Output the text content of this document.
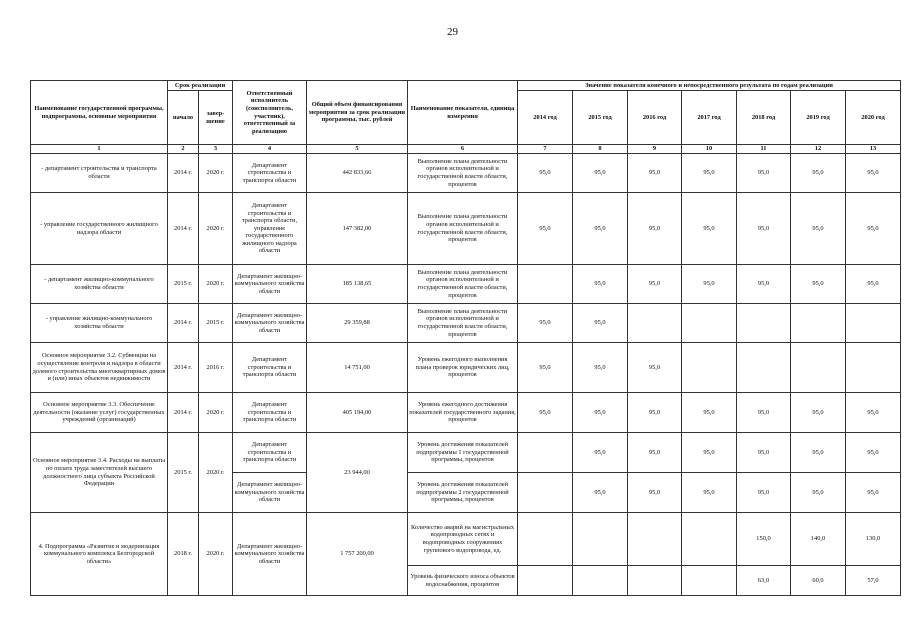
29
Наименование государственной программы, подпрограммы, основные мероприятия	Срок реализации		Ответственный исполнитель (соисполнитель, участник), ответственный за реализацию	Общий объем финансирования мероприятия за срок реализации программы, тыс. рублей	Наименование показателя, единица измерения	Значение показателя конечного и непосредственного результата по годам реализации						
	начало	завер-шение				2014 год	2015 год	2016 год	2017 год	2018 год	2019 год	2020 год
1	2	3	4	5	6	7	8	9	10	11	12	13
- департамент строительства и транспорта области	2014 г.	2020 г.	Департамент строительства и транспорта области	442 833,66	Выполнение плана деятельности органов исполнительной и государственной власти области, процентов	95,0	95,0	95,0	95,0	95,0	95,0	95,0
- управление государственного жилищного надзора области	2014 г.	2020 г.	Департамент строительства и транспорта области, управление государственного жилищного надзора области	147 382,00	Выполнение плана деятельности органов исполнительной и государственной власти области, процентов	95,0	95,0	95,0	95,0	95,0	95,0	95,0
- департамент жилищно-коммунального хозяйства области	2015 г.	2020 г.	Департамент жилищно-коммунального хозяйства области	185 138,65	Выполнение плана деятельности органов исполнительной и государственной власти области, процентов		95,0	95,0	95,0	95,0	95,0	95,0
- управление жилищно-коммунального хозяйства области	2014 г.	2015 г.	Департамент жилищно-коммунального хозяйства области	29 359,88	Выполнение плана деятельности органов исполнительной и государственной власти области, процентов	95,0	95,0					
Основное мероприятие 3.2. Субвенции на осуществление контроля и надзора в области долевого строительства многоквартирных домов и (или) иных объектов недвижимости	2014 г.	2016 г.	Департамент строительства и транспорта области	14 751,00	Уровень ежегодного выполнения плана проверок юридических лиц, процентов	95,0	95,0	95,0				
Основное мероприятие 3.3. Обеспечение деятельности (оказание услуг) государственных учреждений (организаций)	2014 г.	2020 г.	Департамент строительства и транспорта области	405 194,00	Уровень ежегодного достижения показателей государственного задания, процентов	95,0	95,0	95,0	95,0	95,0	95,0	95,0
Основное мероприятие 3.4. Расходы на выплаты по оплате труда заместителей высшего должностного лица субъекта Российской Федерации	2015 г.	2020 г.	Департамент строительства и транспорта области	23 944,00	Уровень достижения показателей подпрограммы 1 государственной программы, процентов		95,0	95,0	95,0	95,0	95,0	95,0
			Департамент жилищно-коммунального хозяйства области		Уровень достижения показателей подпрограммы 2 государственной программы, процентов		95,0	95,0	95,0	95,0	95,0	95,0
4. Подпрограмма «Развитие и модернизация коммунального комплекса Белгородской области»	2018 г.	2020 г.	Департамент жилищно-коммунального хозяйства области	1 757 200,00	Количество аварий на магистральных водопроводных сетях и водопроводных сооружениях группового водопровода, ед.					150,0	140,0	130,0
					Уровень физического износа объектов водоснабжения, процентов					63,0	60,0	57,0
